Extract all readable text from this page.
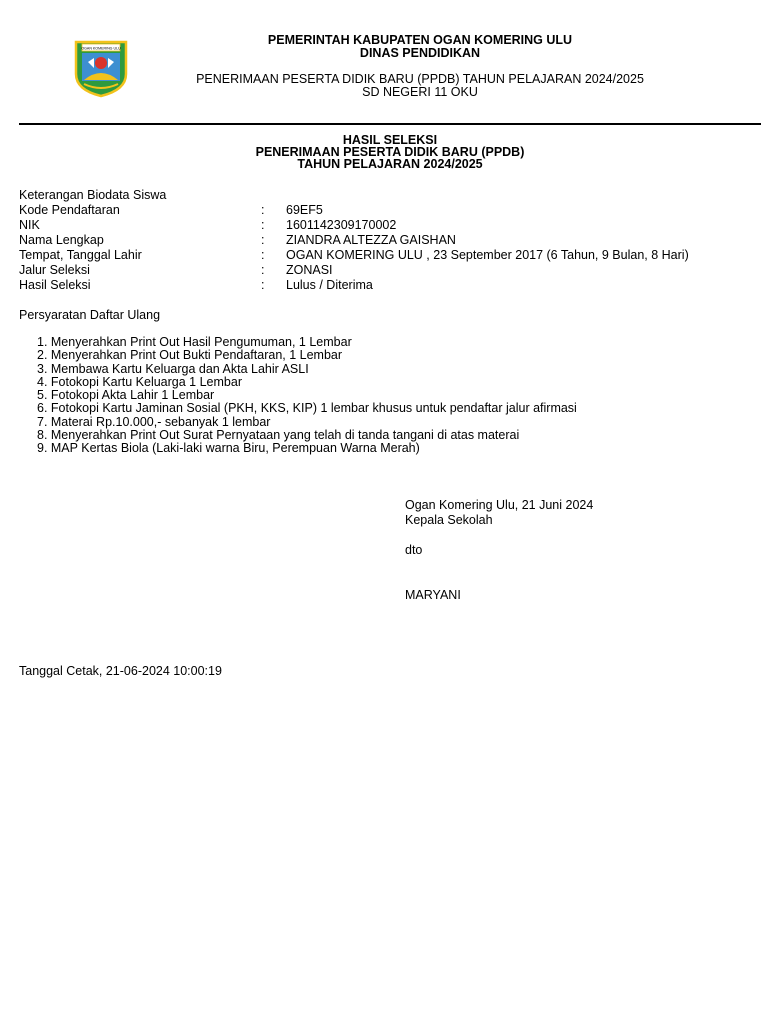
OGAN KOMERING ULU
PEMERINTAH KABUPATEN OGAN KOMERING ULU
DINAS PENDIDIKAN
PENERIMAAN PESERTA DIDIK BARU (PPDB) TAHUN PELAJARAN 2024/2025
SD NEGERI 11 OKU
HASIL SELEKSI
PENERIMAAN PESERTA DIDIK BARU (PPDB)
TAHUN PELAJARAN 2024/2025
Keterangan Biodata Siswa
Kode Pendaftaran	: 69EF5
NIK	: 1601142309170002
Nama Lengkap	: ZIANDRA ALTEZZA GAISHAN
Tempat, Tanggal Lahir	: OGAN KOMERING ULU , 23 September 2017 (6 Tahun, 9 Bulan, 8 Hari)
Jalur Seleksi	: ZONASI
Hasil Seleksi	: Lulus / Diterima
Persyaratan Daftar Ulang
1. Menyerahkan Print Out Hasil Pengumuman, 1 Lembar
2. Menyerahkan Print Out Bukti Pendaftaran, 1 Lembar
3. Membawa Kartu Keluarga dan Akta Lahir ASLI
4. Fotokopi Kartu Keluarga 1 Lembar
5. Fotokopi Akta Lahir 1 Lembar
6. Fotokopi Kartu Jaminan Sosial (PKH, KKS, KIP) 1 lembar khusus untuk pendaftar jalur afirmasi
7. Materai Rp.10.000,- sebanyak 1 lembar
8. Menyerahkan Print Out Surat Pernyataan yang telah di tanda tangani di atas materai
9. MAP Kertas Biola (Laki-laki warna Biru, Perempuan Warna Merah)
Ogan Komering Ulu, 21 Juni 2024
Kepala Sekolah
dto
MARYANI
Tanggal Cetak, 21-06-2024 10:00:19
